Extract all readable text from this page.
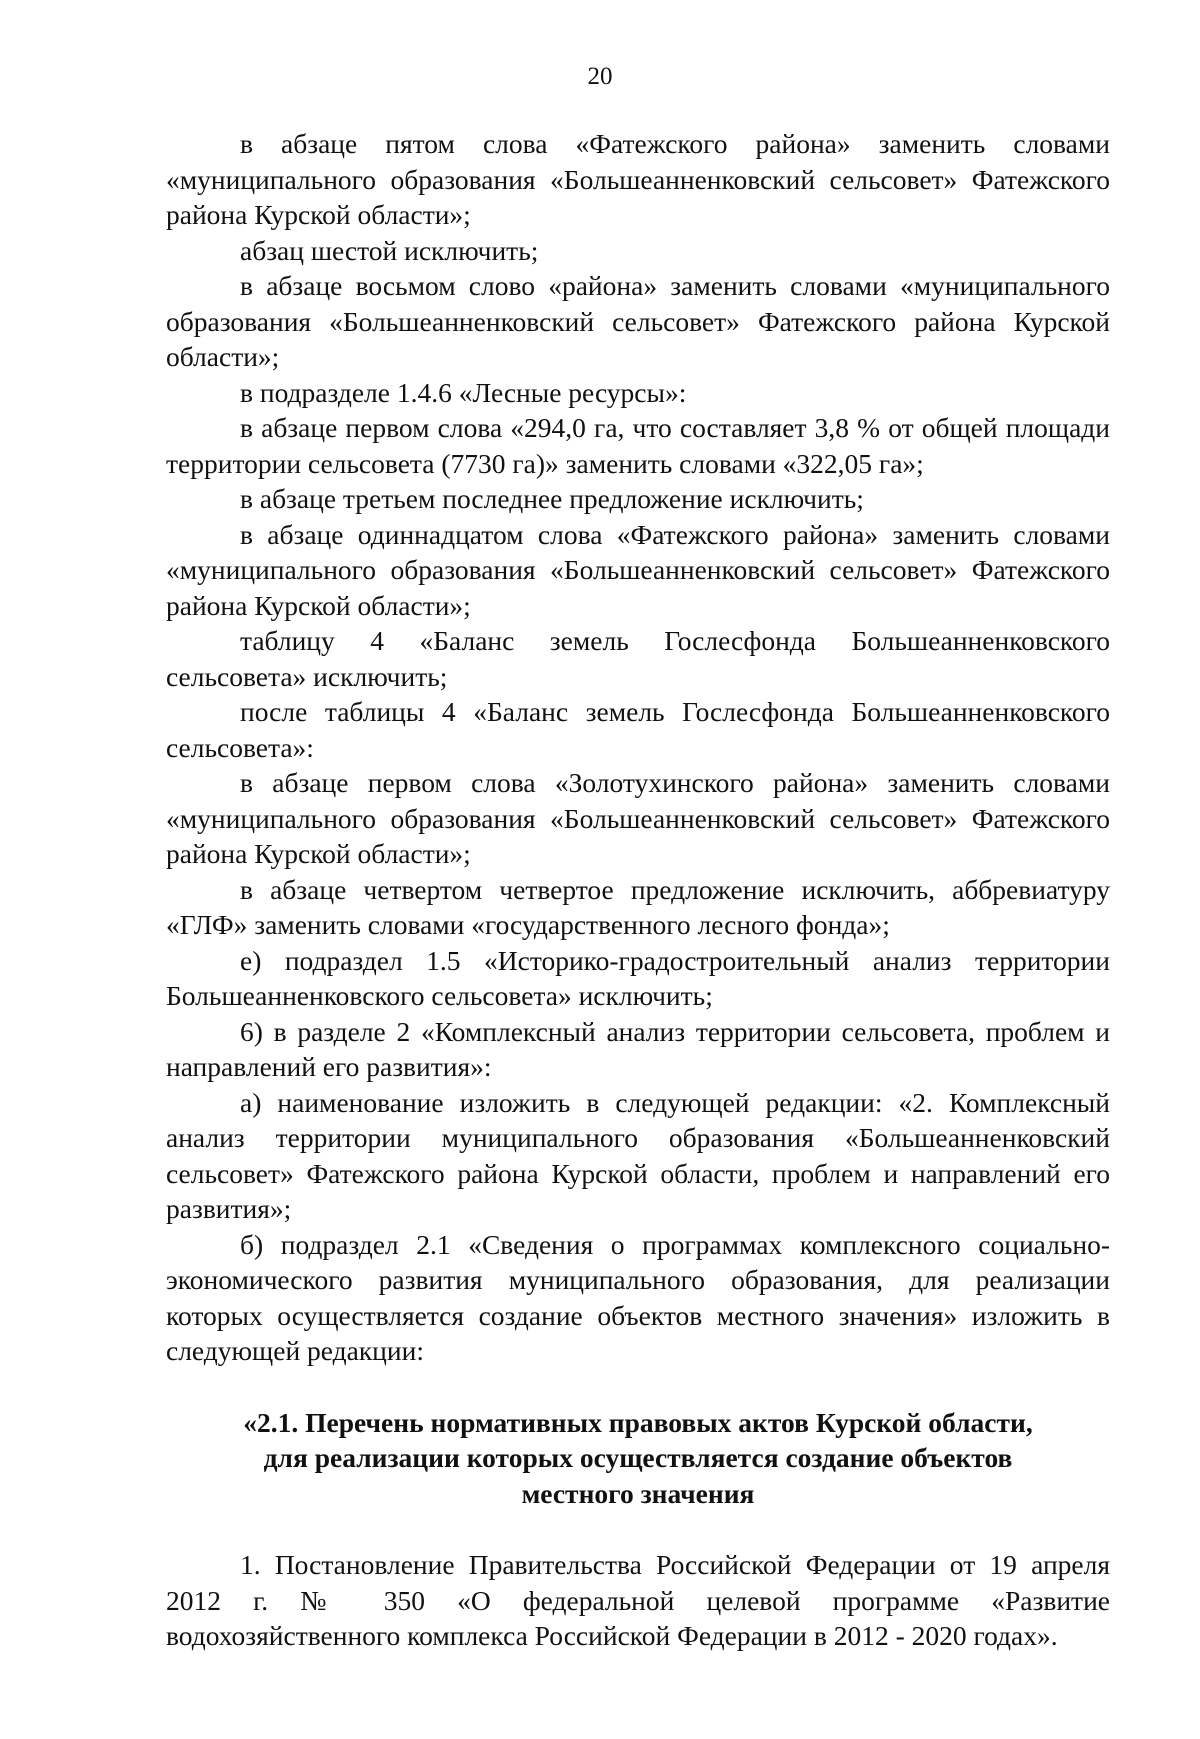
20

в абзаце пятом слова «Фатежского района» заменить словами «муниципального образования «Большеанненковский сельсовет» Фатежского района Курской области»;

абзац шестой исключить;

в абзаце восьмом слово «района» заменить словами «муниципального образования «Большеанненковский сельсовет» Фатежского района Курской области»;

в подразделе 1.4.6 «Лесные ресурсы»:

в абзаце первом слова «294,0 га, что составляет 3,8 % от общей площади территории сельсовета (7730 га)» заменить словами «322,05 га»;

в абзаце третьем последнее предложение исключить;

в абзаце одиннадцатом слова «Фатежского района» заменить словами «муниципального образования «Большеанненковский сельсовет» Фатежского района Курской области»;

таблицу 4 «Баланс земель Гослесфонда Большеанненковского сельсовета» исключить;

после таблицы 4 «Баланс земель Гослесфонда Большеанненковского сельсовета»:

в абзаце первом слова «Золотухинского района» заменить словами «муниципального образования «Большеанненковский сельсовет» Фатежского района Курской области»;

в абзаце четвертом четвертое предложение исключить, аббревиатуру «ГЛФ» заменить словами «государственного лесного фонда»;

е) подраздел 1.5 «Историко-градостроительный анализ территории Большеанненковского сельсовета» исключить;

6) в разделе 2 «Комплексный анализ территории сельсовета, проблем и направлений его развития»:

а) наименование изложить в следующей редакции: «2. Комплексный анализ территории муниципального образования «Большеанненковский сельсовет» Фатежского района Курской области, проблем и направлений его развития»;

б) подраздел 2.1 «Сведения о программах комплексного социально-экономического развития муниципального образования, для реализации которых осуществляется создание объектов местного значения» изложить в следующей редакции:

«2.1. Перечень нормативных правовых актов Курской области,
для реализации которых осуществляется создание объектов
местного значения

1. Постановление Правительства Российской Федерации от 19 апреля 2012 г. № 350 «О федеральной целевой программе «Развитие водохозяйственного комплекса Российской Федерации в 2012 - 2020 годах».
